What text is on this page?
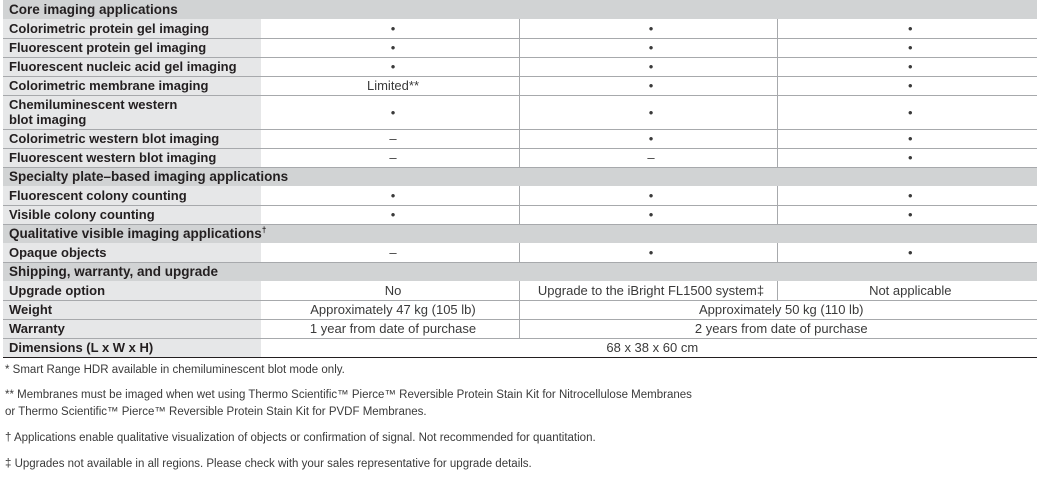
Core imaging applications			
Colorimetric protein gel imaging	•	•	•
Fluorescent protein gel imaging	•	•	•
Fluorescent nucleic acid gel imaging	•	•	•
Colorimetric membrane imaging	Limited**	•	•
Chemiluminescent western blot imaging	•	•	•
Colorimetric western blot imaging	–	•	•
Fluorescent western blot imaging	–	–	•
Specialty plate–based imaging applications			
Fluorescent colony counting	•	•	•
Visible colony counting	•	•	•
Qualitative visible imaging applications†
Opaque objects	–	•	•
Shipping, warranty, and upgrade			
Upgrade option	No	Upgrade to the iBright FL1500 system‡	Not applicable
Weight	Approximately 47 kg (105 lb)	Approximately 50 kg (110 lb)	
Warranty	1 year from date of purchase	2 years from date of purchase	
Dimensions (L x W x H)	68 x 38 x 60 cm		
* Smart Range HDR available in chemiluminescent blot mode only.
** Membranes must be imaged when wet using Thermo Scientific™ Pierce™ Reversible Protein Stain Kit for Nitrocellulose Membranes
or Thermo Scientific™ Pierce™ Reversible Protein Stain Kit for PVDF Membranes.
† Applications enable qualitative visualization of objects or confirmation of signal. Not recommended for quantitation.
‡ Upgrades not available in all regions. Please check with your sales representative for upgrade details.
